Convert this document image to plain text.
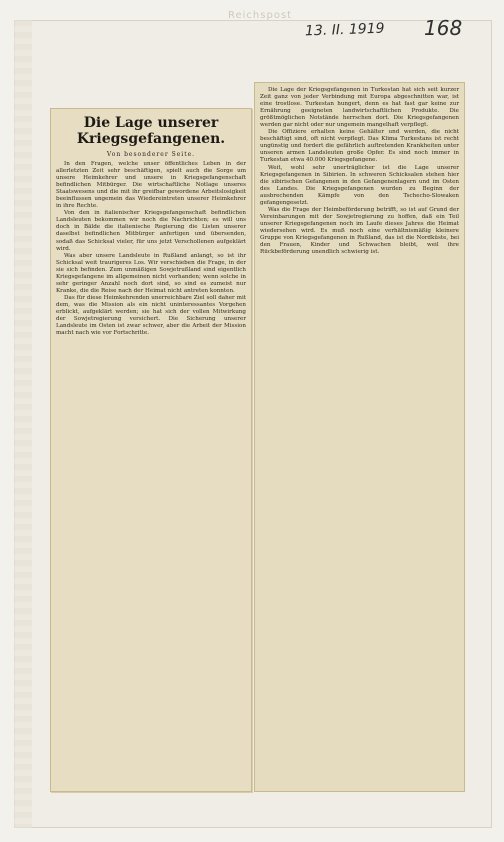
Reichspost
13. II. 1919 168
Die Lage unserer Kriegsgefangenen.
Von besonderer Seite.

In den Fragen, welche unser öffentliches Leben in der allerletzten Zeit sehr beschäftigen, spielt auch die Sorge um unsere Heimkehrer und unsere in Kriegsgefangenschaft befindlichen Mitbürger. Die wirtschaftliche Notlage unseres Staatswesens und die mit ihr greifbar gewordene Arbeitslosigkeit beeinflussen ungemein das Wiedereintreten unserer Heimkehrer in ihre Rechte.

Von den in italienischer Kriegsgefangenschaft befindlichen Landsleuten bekommen wir noch die Nachrichten; es will uns doch in Bälde die italienische Regierung die Listen unserer daselbst befindlichen Mitbürger anfertigen und übersenden, sodaß das Schicksal vieler, für uns jetzt Verschollenen aufgeklärt wird.

Was aber unsere Landsleute in Rußland anlangt, so ist ihr Schicksal weit traurigeres Los. Wir verschieben die Frage, in der sie sich befinden. Zum unmäßigen Sowjetrußland sind eigentlich Kriegsgefangene im allgemeinen nicht vorhanden; wenn solche in sehr geringer Anzahl noch dort sind, so sind es zumeist nur Kranke, die die Reise nach der Heimat nicht antreten konnten.

Das für diese Heimkehrenden unerreichbare Ziel soll daher mit dem, was die Mission als ein nicht uninteressantes Vorgehen erblickt, aufgeklärt werden; sie hat sich der vollen Mitwirkung der Sowjetregierung versichert. Die Sicherung unserer Landsleute im Osten ist zwar schwer, aber die Arbeit der Mission macht nach wie vor Fortschritte.

Die Lage der Kriegsgefangenen in Turkestan hat sich seit kurzer Zeit ganz von jeder Verbindung mit Europa abgeschnitten war, ist eine trostlose. Turkestan hungert, denn es hat fast gar keine zur Ernährung geeigneten landwirtschaftlichen Produkte. Die größtmöglichen Notstände herrschen dort. Die Kriegsgefangenen werden gar nicht oder nur ungemein mangelhaft verpflegt.

Die Offiziere erhalten keine Gehälter und werden, die nicht beschäftigt sind, oft nicht verpflegt. Das Klima Turkestans ist recht ungünstig und fordert die gefährlich auftretenden Krankheiten unter unseren armen Landsleuten große Opfer. Es sind noch immer in Turkestan etwa 40.000 Kriegsgefangene.

Weit, wohl sehr unerträglicher ist die Lage unserer Kriegsgefangenen in Sibirien. In schweren Schicksalen stehen hier die sibirischen Gefangenen in den Gefangenenlagern und im Osten des Landes. Die Kriegsgefangenen wurden zu Beginn der ausbrechenden Kämpfe von den Tschecho-Slowaken gefangengesetzt.

Was die Frage der Heimbeförderung betrifft, so ist auf Grund der Vereinbarungen mit der Sowjetregierung zu hoffen, daß ein Teil unserer Kriegsgefangenen noch im Laufe dieses Jahres die Heimat wiedersehen wird. Es muß noch eine verhältnismäßig kleinere Gruppe von Kriegsgefangenen in Rußland, das ist die Nordküste, bei den Frauen, Kinder und Schwachen bleibt, weil ihre Rückbeförderung unendlich schwierig ist.
